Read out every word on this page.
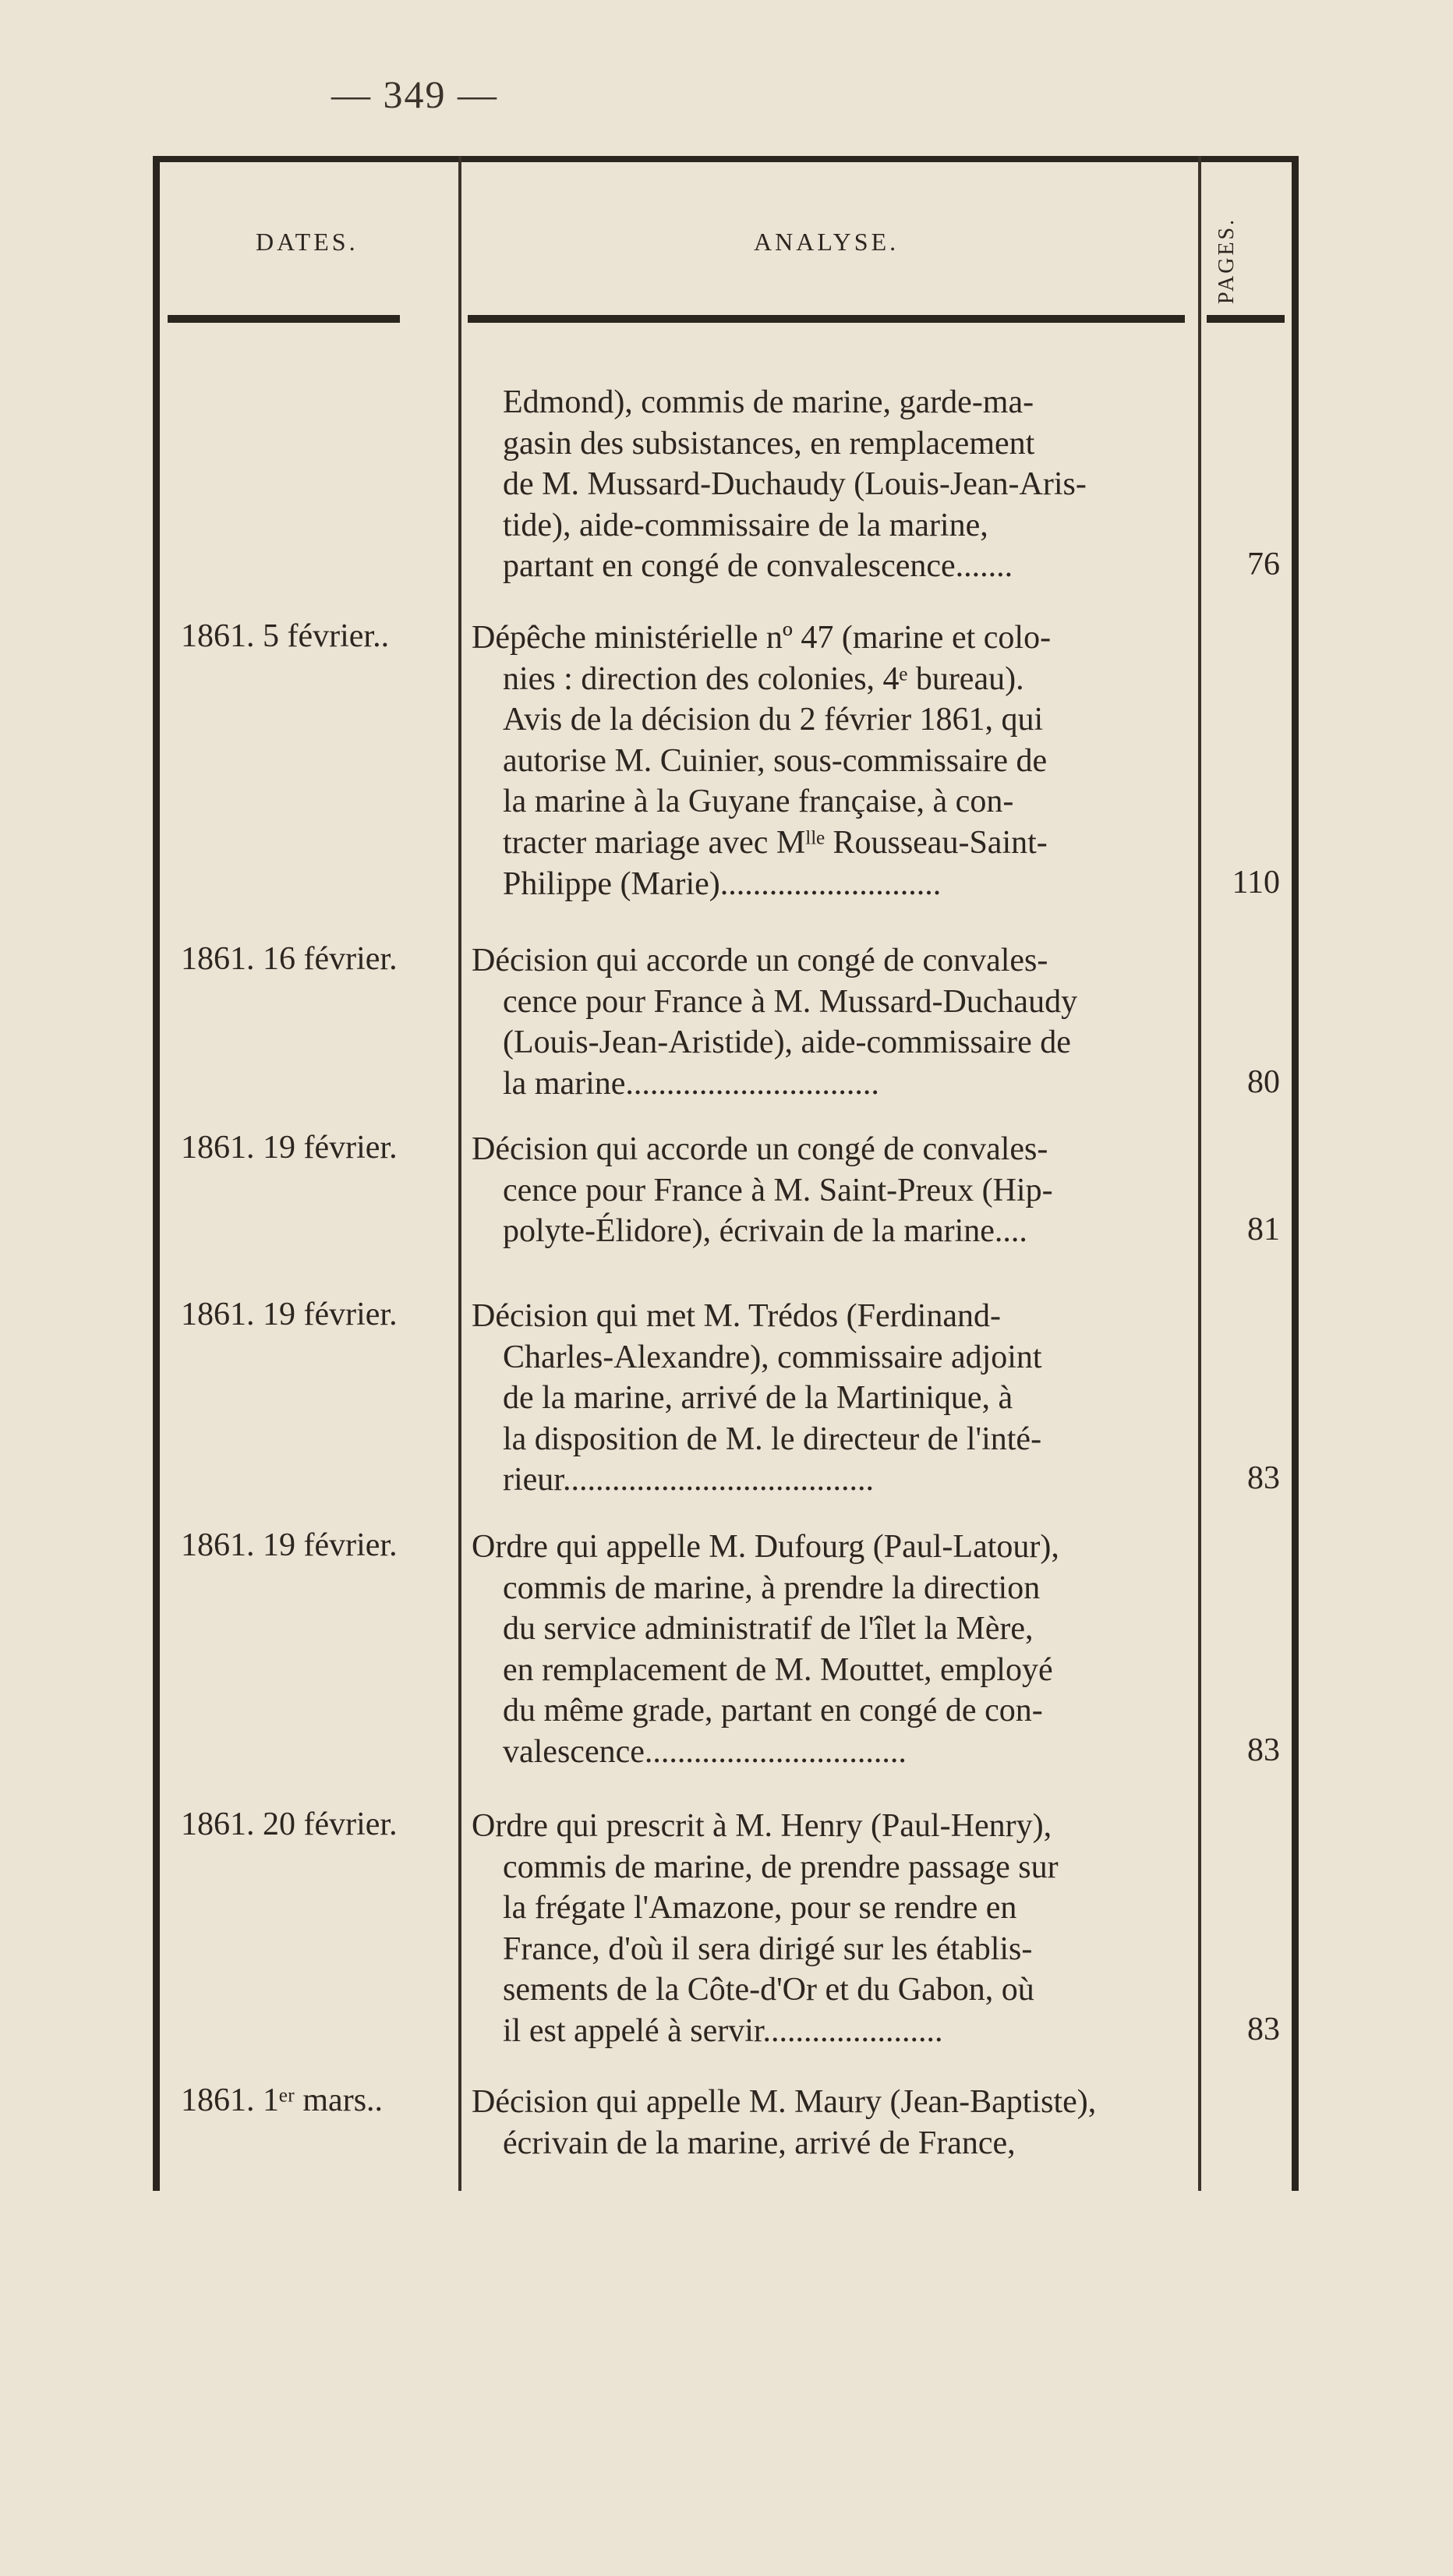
— 349 —
DATES.	ANALYSE.	PAGES.
Edmond), commis de marine, garde-ma-
gasin des subsistances, en remplacement
de M. Mussard-Duchaudy (Louis-Jean-Aris-
tide), aide-commissaire de la marine,
partant en congé de convalescence.......	76
1861. 5 février..	Dépêche ministérielle nº 47 (marine et colo-
nies : direction des colonies, 4ᵉ bureau).
Avis de la décision du 2 février 1861, qui
autorise M. Cuinier, sous-commissaire de
la marine à la Guyane française, à con-
tracter mariage avec Mˡˡᵉ Rousseau-Saint-
Philippe (Marie)...........................	110
1861. 16 février.	Décision qui accorde un congé de convales-
cence pour France à M. Mussard-Duchaudy
(Louis-Jean-Aristide), aide-commissaire de
la marine...............................	80
1861. 19 février.	Décision qui accorde un congé de convales-
cence pour France à M. Saint-Preux (Hip-
polyte-Élidore), écrivain de la marine....	81
1861. 19 février.	Décision qui met M. Trédos (Ferdinand-
Charles-Alexandre), commissaire adjoint
de la marine, arrivé de la Martinique, à
la disposition de M. le directeur de l'inté-
rieur......................................	83
1861. 19 février.	Ordre qui appelle M. Dufourg (Paul-Latour),
commis de marine, à prendre la direction
du service administratif de l'îlet la Mère,
en remplacement de M. Mouttet, employé
du même grade, partant en congé de con-
valescence................................	83
1861. 20 février.	Ordre qui prescrit à M. Henry (Paul-Henry),
commis de marine, de prendre passage sur
la frégate l'Amazone, pour se rendre en
France, d'où il sera dirigé sur les établis-
sements de la Côte-d'Or et du Gabon, où
il est appelé à servir......................	83
1861. 1ᵉʳ mars..	Décision qui appelle M. Maury (Jean-Baptiste),
écrivain de la marine, arrivé de France,
